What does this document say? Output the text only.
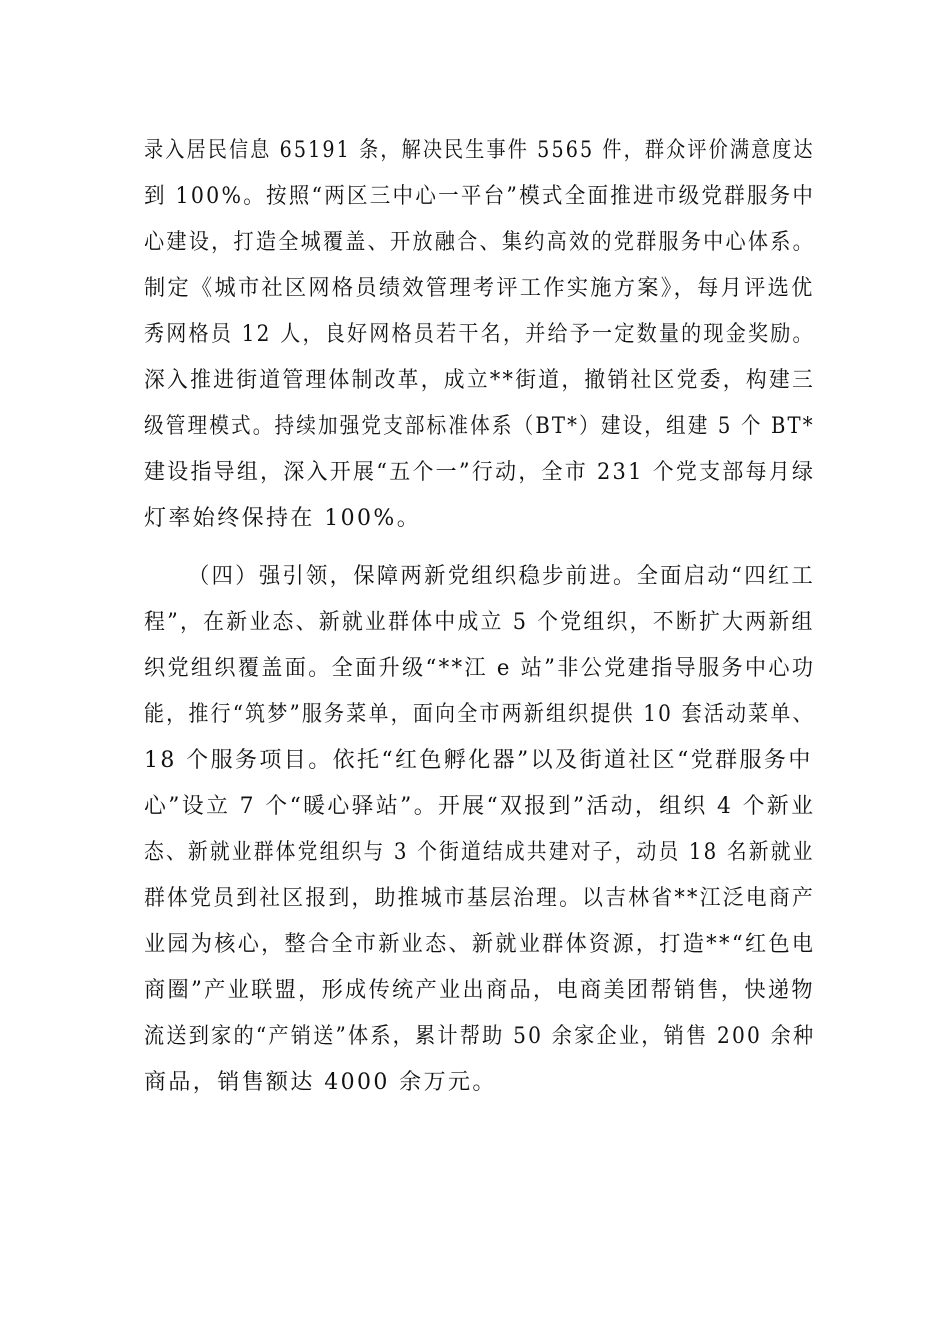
录入居民信息 65191 条，解决民生事件 5565 件，群众评价满意度达

到 100%。按照“两区三中心一平台”模式全面推进市级党群服务中

心建设，打造全城覆盖、开放融合、集约高效的党群服务中心体系。

制定《城市社区网格员绩效管理考评工作实施方案》，每月评选优

秀网格员 12 人，良好网格员若干名，并给予一定数量的现金奖励。

深入推进街道管理体制改革，成立**街道，撤销社区党委，构建三

级管理模式。持续加强党支部标准体系（BT*）建设，组建 5 个 BT*

建设指导组，深入开展“五个一”行动，全市 231 个党支部每月绿

灯率始终保持在 100%。

（四）强引领，保障两新党组织稳步前进。全面启动“四红工

程”，在新业态、新就业群体中成立 5 个党组织，不断扩大两新组

织党组织覆盖面。全面升级“**江 e 站”非公党建指导服务中心功

能，推行“筑梦”服务菜单，面向全市两新组织提供 10 套活动菜单、

18 个服务项目。依托“红色孵化器”以及街道社区“党群服务中

心”设立 7 个“暖心驿站”。开展“双报到”活动，组织 4 个新业

态、新就业群体党组织与 3 个街道结成共建对子，动员 18 名新就业

群体党员到社区报到，助推城市基层治理。以吉林省**江泛电商产

业园为核心，整合全市新业态、新就业群体资源，打造**“红色电

商圈”产业联盟，形成传统产业出商品，电商美团帮销售，快递物

流送到家的“产销送”体系，累计帮助 50 余家企业，销售 200 余种

商品，销售额达 4000 余万元。
